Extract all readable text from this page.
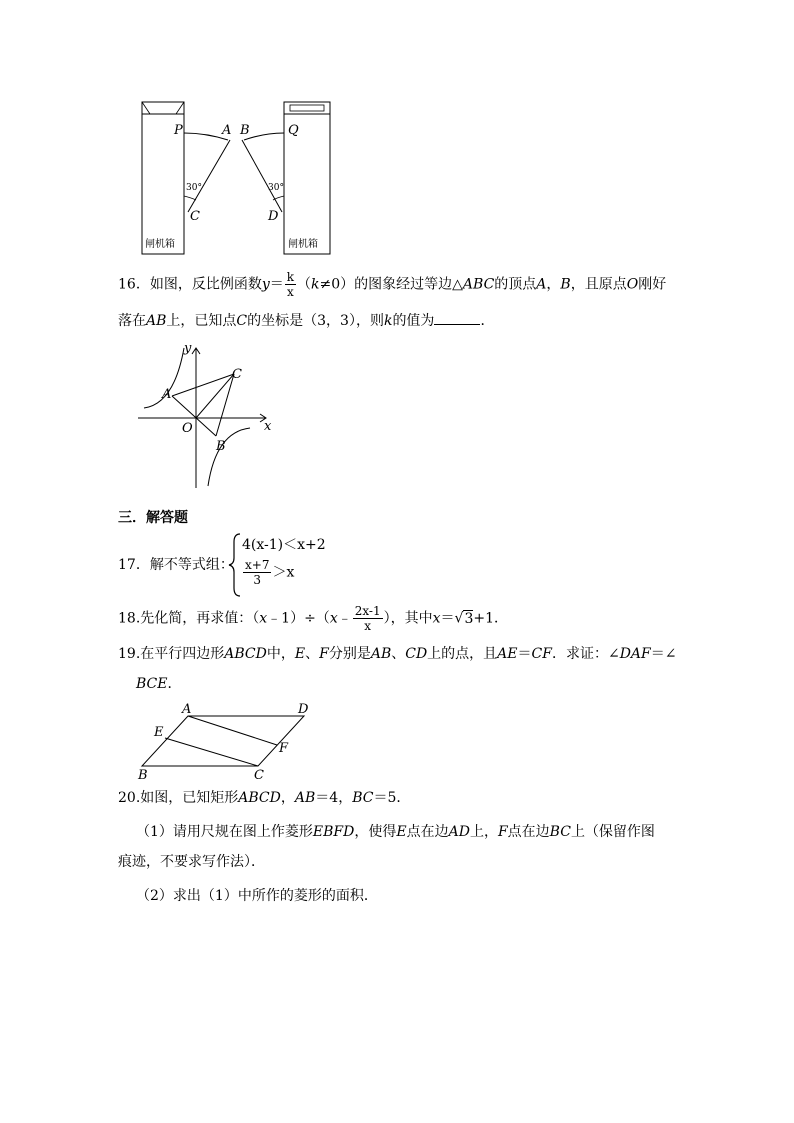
P	A B	Q
C	D
30°	30°
闸机箱	闸机箱
16．如图，反比例函数$y= \frac{k}{x} (k\ne 0)$的图象经过等边△ABC的顶点A，B，且原点O刚好
落在AB上，已知点C的坐标是（3，3），则k的值为	．
y
x
A
C
O
B
三．解答题
17．解不等式组：
4(x-1)＜x+2
$\frac{x+7}{3} >x$
18.先化简，再求值：（x﹣1）÷（x﹣ $\frac{2x-1}{x}$ ），其中x＝√3+1．
19.在平行四边形ABCD中，E、F分别是AB、CD上的点，且AE＝CF．求证：∠DAF＝∠
BCE．
A	D
E
F
B	C
20.如图，已知矩形ABCD，AB＝4，BC＝5．
（1）请用尺规在图上作菱形EBFD，使得E点在边AD上，F点在边BC上（保留作图
痕迹，不要求写作法）．
（2）求出（1）中所作的菱形的面积．
